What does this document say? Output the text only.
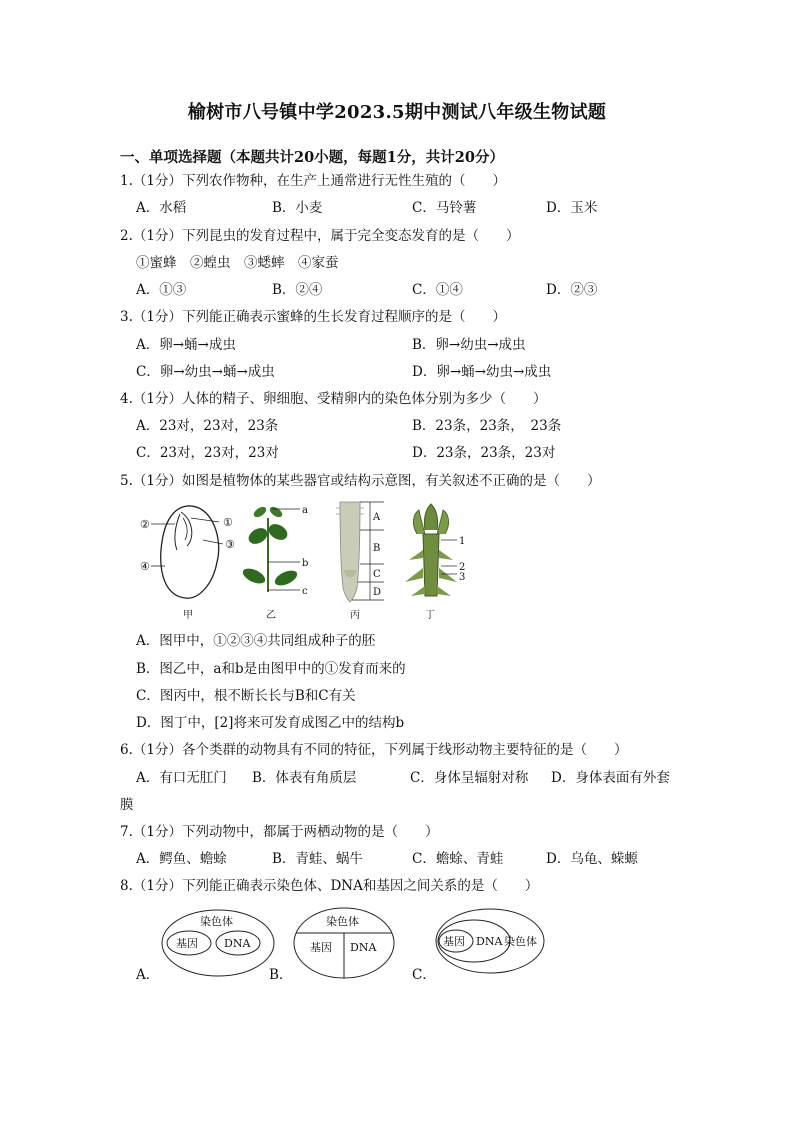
榆树市八号镇中学2023.5期中测试八年级生物试题
一、单项选择题（本题共计20小题，每题1分，共计20分）
1.（1分）下列农作物种，在生产上通常进行无性生殖的（　　）
A．水稻	B．小麦	C．马铃薯	D．玉米
2.（1分）下列昆虫的发育过程中，属于完全变态发育的是（　　）
①蜜蜂　②蝗虫　③蟋蟀　④家蚕
A．①③	B．②④	C．①④	D．②③
3.（1分）下列能正确表示蜜蜂的生长发育过程顺序的是（　　）
A．卵→蛹→成虫	B．卵→幼虫→成虫
C．卵→幼虫→蛹→成虫	D．卵→蛹→幼虫→成虫
4.（1分）人体的精子、卵细胞、受精卵内的染色体分别为多少（　　）
A．23对，23对，23条	B．23条，23条，　23条
C．23对，23对，23对	D．23条，23条，23对
5.（1分）如图是植物体的某些器官或结构示意图，有关叙述不正确的是（　　）
②	①
③
④
甲
a
b
c
乙
A
B
C
D
丙
1
2
3
丁
A．图甲中，①②③④共同组成种子的胚
B．图乙中，a和b是由图甲中的①发育而来的
C．图丙中，根不断长长与B和C有关
D．图丁中，[2]将来可发育成图乙中的结构b
6.（1分）各个类群的动物具有不同的特征，下列属于线形动物主要特征的是（　　）
A．有口无肛门 B．体表有角质层	C．身体呈辐射对称 D．身体表面有外套
膜
7.（1分）下列动物中，都属于两栖动物的是（　　）
A．鳄鱼、蟾蜍	B．青蛙、蜗牛	C．蟾蜍、青蛙	D．乌龟、蝾螈
8.（1分）下列能正确表示染色体、DNA和基因之间关系的是（　　）
染色体
基因 DNA
A．
染色体
基因 DNA
B．
基因 DNA 染色体
C．
